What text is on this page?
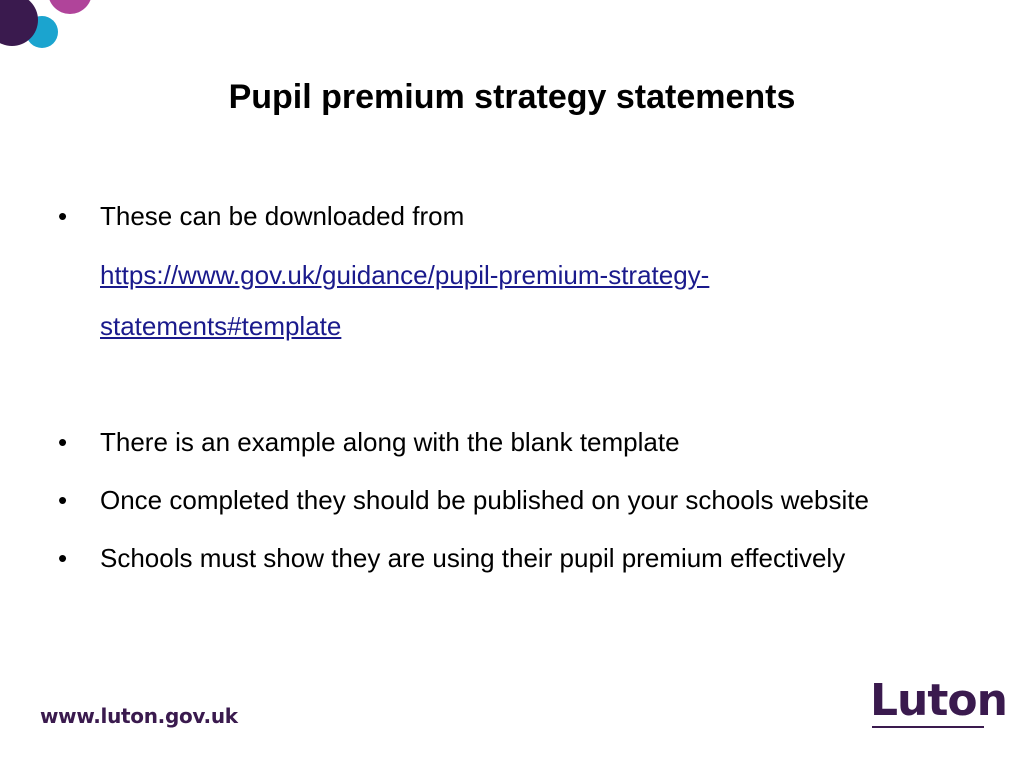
Pupil premium strategy statements
•	These can be downloaded from
https://www.gov.uk/guidance/pupil-premium-strategy-
statements#template
•	There is an example along with the blank template
•	Once completed they should be published on your schools website
•	Schools must show they are using their pupil premium effectively
www.luton.gov.uk	Luton
